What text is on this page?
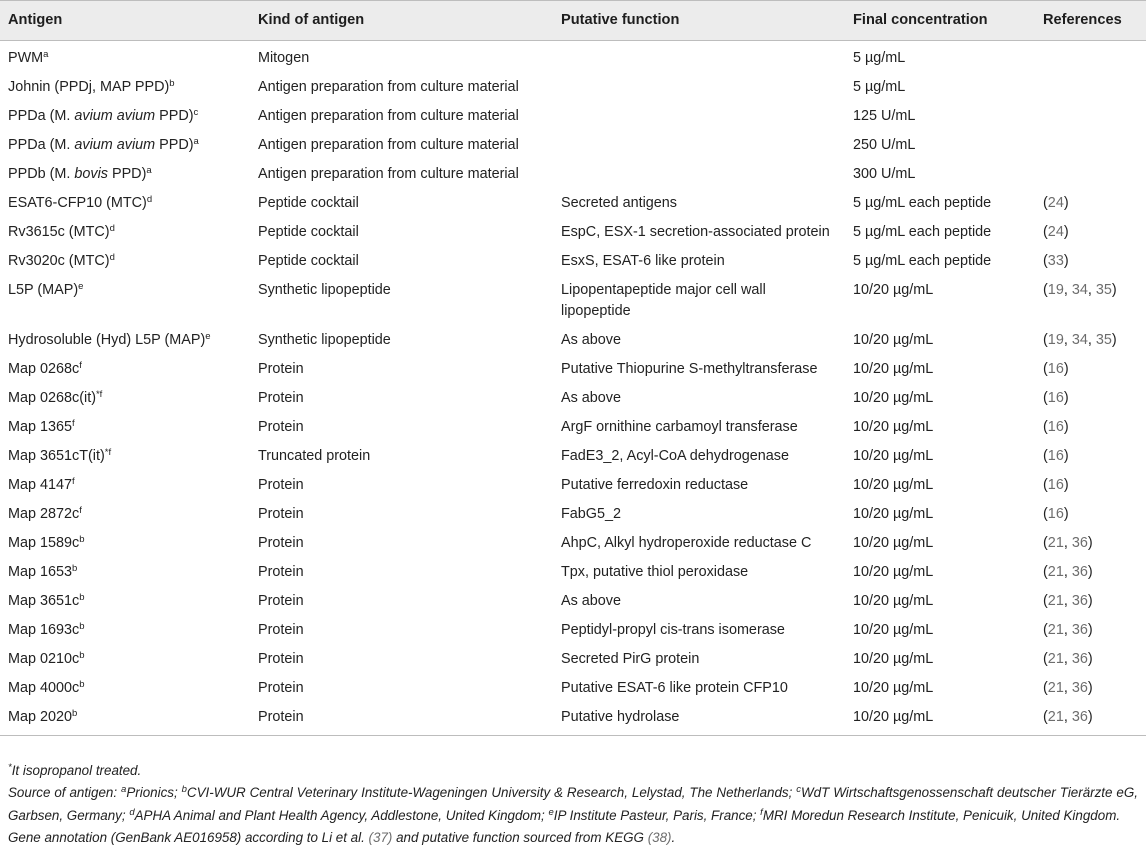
Antigen	Kind of antigen	Putative function	Final concentration	References
PWM$^a$	Mitogen		5 µg/mL	
Johnin (PPDj, MAP PPD)$^b$	Antigen preparation from culture material		5 µg/mL	
PPDa (M. avium avium PPD)$^c$	Antigen preparation from culture material		125 U/mL	
PPDa (M. avium avium PPD)$^a$	Antigen preparation from culture material		250 U/mL	
PPDb (M. bovis PPD)$^a$	Antigen preparation from culture material		300 U/mL	
ESAT6-CFP10 (MTC)$^d$	Peptide cocktail	Secreted antigens	5 µg/mL each peptide	(24)
Rv3615c (MTC)$^d$	Peptide cocktail	EspC, ESX-1 secretion-associated protein	5 µg/mL each peptide	(24)
Rv3020c (MTC)$^d$	Peptide cocktail	EsxS, ESAT-6 like protein	5 µg/mL each peptide	(33)
L5P (MAP)$^e$	Synthetic lipopeptide	Lipopentapeptide major cell wall lipopeptide	10/20 µg/mL	(19, 34, 35)
Hydrosoluble (Hyd) L5P (MAP)$^e$	Synthetic lipopeptide	As above	10/20 µg/mL	(19, 34, 35)
Map $0268c^f$	Protein	Putative Thiopurine S-methyltransferase	10/20 µg/mL	(16)
Map 0268c(it)$^{*f}$	Protein	As above	10/20 µg/mL	(16)
Map 1365$^f$	Protein	ArgF ornithine carbamoyl transferase	10/20 µg/mL	(16)
Map 3651cT(it)$^{*f}$	Truncated protein	FadE3_2, Acyl-CoA dehydrogenase	10/20 µg/mL	(16)
Map 4147$^f$	Protein	Putative ferredoxin reductase	10/20 µg/mL	(16)
Map $2872c^f$	Protein	FabG5_2	10/20 µg/mL	(16)
Map $1589c^b$	Protein	AhpC, Alkyl hydroperoxide reductase C	10/20 µg/mL	(21, 36)
Map 1653$^b$	Protein	Tpx, putative thiol peroxidase	10/20 µg/mL	(21, 36)
Map $3651c^b$	Protein	As above	10/20 µg/mL	(21, 36)
Map $1693c^b$	Protein	Peptidyl-propyl cis-trans isomerase	10/20 µg/mL	(21, 36)
Map $0210c^b$	Protein	Secreted PirG protein	10/20 µg/mL	(21, 36)
Map $4000c^b$	Protein	Putative ESAT-6 like protein CFP10	10/20 µg/mL	(21, 36)
Map 2020$^b$	Protein	Putative hydrolase	10/20 µg/mL	(21, 36)

*It isopropanol treated.

Source of antigen: $^a$Prionics; $^b$CVI-WUR Central Veterinary Institute-Wageningen University & Research, Lelystad, The Netherlands; $^c$WdT Wirtschaftsgenossenschaft deutscher Tierärzte eG, Garbsen, Germany; $^d$APHA Animal and Plant Health Agency, Addlestone, United Kingdom; $^e$IP Institute Pasteur, Paris, France; $^f$MRI Moredun Research Institute, Penicuik, United Kingdom.

Gene annotation (GenBank AE016958) according to Li et al. (37) and putative function sourced from KEGG (38).
